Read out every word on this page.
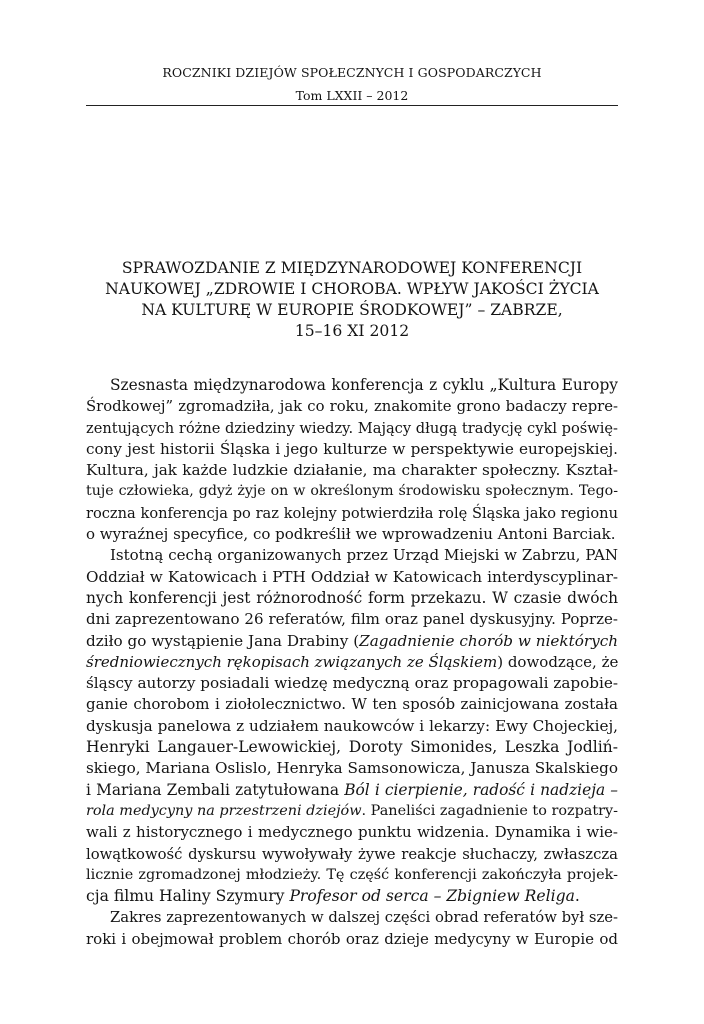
ROCZNIKI DZIEJÓW SPOŁECZNYCH I GOSPODARCZYCH
Tom LXXII – 2012
SPRAWOZDANIE Z MIĘDZYNARODOWEJ KONFERENCJI
NAUKOWEJ „ZDROWIE I CHOROBA. WPŁYW JAKOŚCI ŻYCIA
NA KULTURĘ W EUROPIE ŚRODKOWEJ” – ZABRZE,
15–16 XI 2012
Szesnasta międzynarodowa konferencja z cyklu „Kultura Europy
Środkowej” zgromadziła, jak co roku, znakomite grono badaczy repre-
zentujących różne dziedziny wiedzy. Mający długą tradycję cykl poświę-
cony jest historii Śląska i jego kulturze w perspektywie europejskiej.
Kultura, jak każde ludzkie działanie, ma charakter społeczny. Kształ-
tuje człowieka, gdyż żyje on w określonym środowisku społecznym. Tego-
roczna konferencja po raz kolejny potwierdziła rolę Śląska jako regionu
o wyraźnej specyfice, co podkreślił we wprowadzeniu Antoni Barciak.
Istotną cechą organizowanych przez Urząd Miejski w Zabrzu, PAN
Oddział w Katowicach i PTH Oddział w Katowicach interdyscyplinar-
nych konferencji jest różnorodność form przekazu. W czasie dwóch
dni zaprezentowano 26 referatów, film oraz panel dyskusyjny. Poprze-
dziło go wystąpienie Jana Drabiny (Zagadnienie chorób w niektórych
średniowiecznych rękopisach związanych ze Śląskiem) dowodzące, że
śląscy autorzy posiadali wiedzę medyczną oraz propagowali zapobie-
ganie chorobom i ziołolecznictwo. W ten sposób zainicjowana została
dyskusja panelowa z udziałem naukowców i lekarzy: Ewy Chojeckiej,
Henryki Langauer-Lewowickiej, Doroty Simonides, Leszka Jodliń-
skiego, Mariana Oslislo, Henryka Samsonowicza, Janusza Skalskiego
i Mariana Zembali zatytułowana Ból i cierpienie, radość i nadzieja –
rola medycyny na przestrzeni dziejów. Paneliści zagadnienie to rozpatry-
wali z historycznego i medycznego punktu widzenia. Dynamika i wie-
lowątkowość dyskursu wywoływały żywe reakcje słuchaczy, zwłaszcza
licznie zgromadzonej młodzieży. Tę część konferencji zakończyła projek-
cja filmu Haliny Szymury Profesor od serca – Zbigniew Religa.
Zakres zaprezentowanych w dalszej części obrad referatów był sze-
roki i obejmował problem chorób oraz dzieje medycyny w Europie od
